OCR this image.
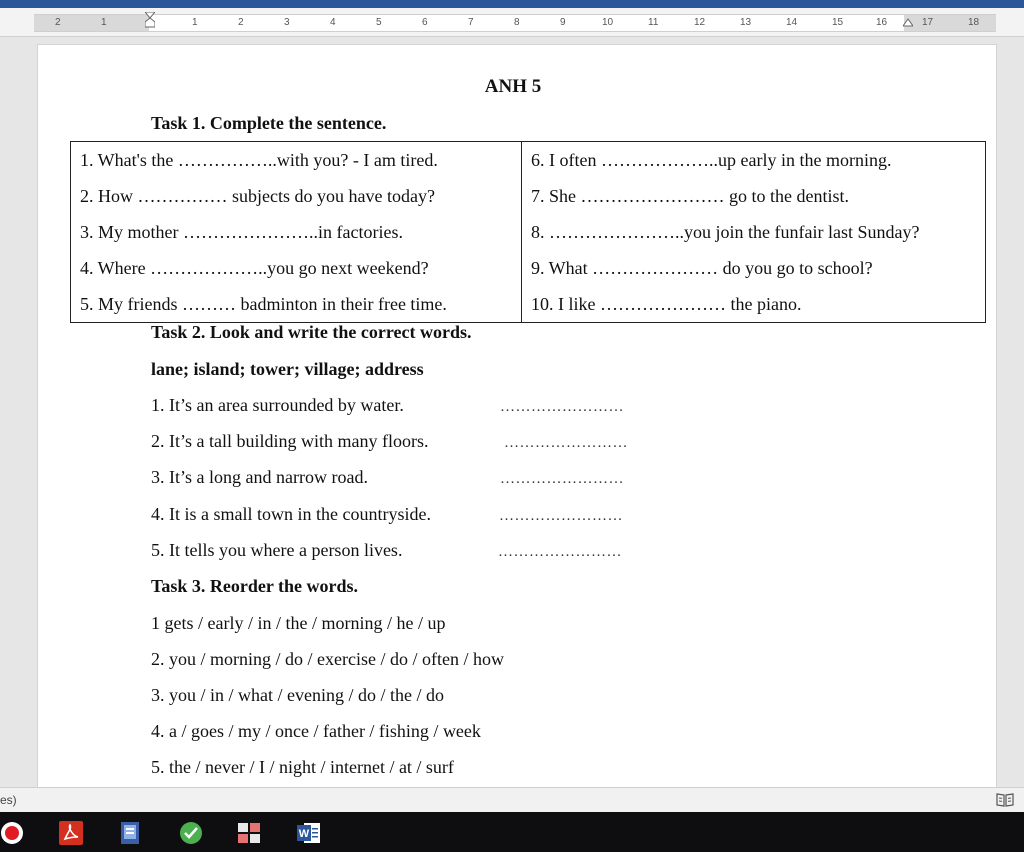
2	1	1	2	3	4	5	6	7	8	9	10	11	12	13	14	15	16	17	18
ANH 5
Task 1. Complete the sentence.
1. What's the ……………..with you? - I am tired.	6. I often ………………..up early in the morning.
2. How …………… subjects do you have today?	7. She …………………… go to the dentist.
3. My mother …………………..in factories.	8. …………………..you join the funfair last Sunday?
4. Where ………………..you go next weekend?	9. What ………………… do you go to school?
5. My friends ……… badminton in their free time.	10. I like ………………… the piano.
Task 2. Look and write the correct words.
lane; island; tower; village; address
1. It’s an area surrounded by water.	……………………
2. It’s a tall building with many floors.	……………………
3. It’s a long and narrow road.	……………………
4. It is a small town in the countryside.	……………………
5. It tells you where a person lives.	……………………
Task 3. Reorder the words.
1 gets / early / in / the / morning / he / up
2. you / morning / do / exercise / do / often / how
3. you / in / what / evening / do / the / do
4. a / goes / my / once / father / fishing / week
5. the / never / I / night / internet / at / surf
es)
W
